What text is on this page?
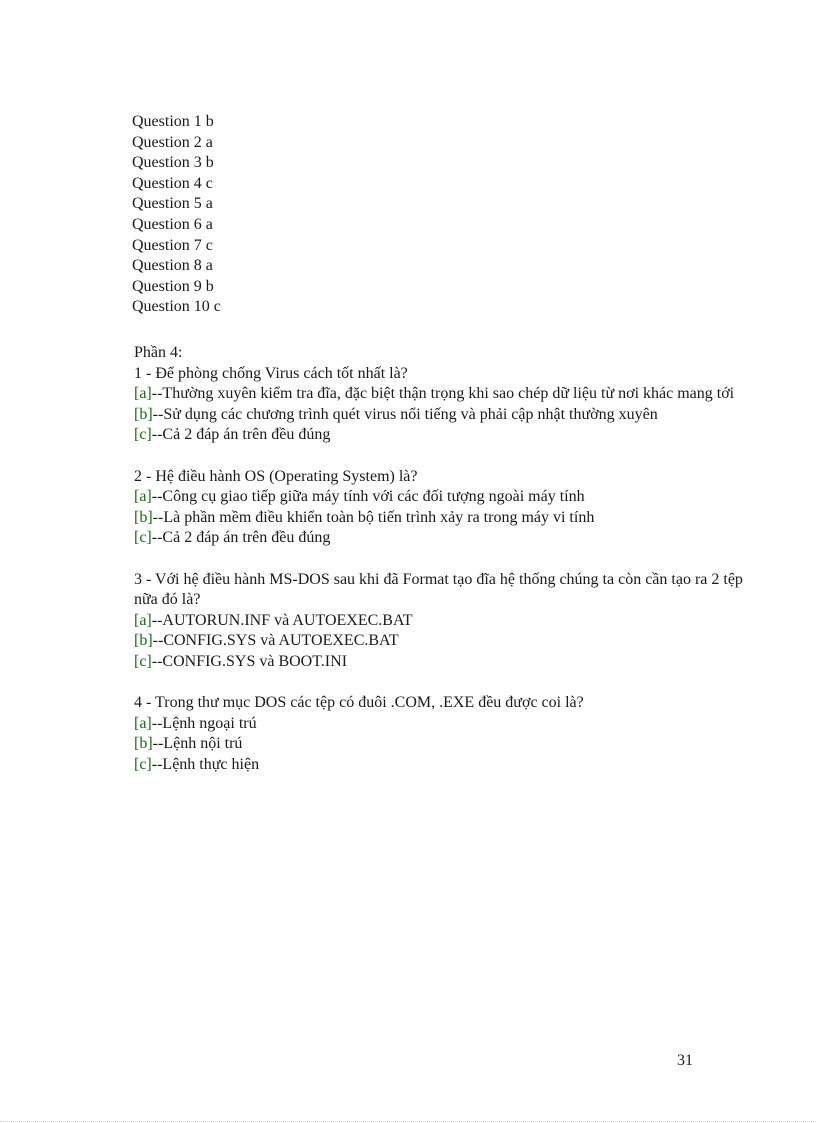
Question 1 b
Question 2 a
Question 3 b
Question 4 c
Question 5 a
Question 6 a
Question 7 c
Question 8 a
Question 9 b
Question 10 c

Phần 4:

1 - Để phòng chống Virus cách tốt nhất là?

[a]--Thường xuyên kiểm tra đĩa, đặc biệt thận trọng khi sao chép dữ liệu từ nơi khác mang tới

[b]--Sử dụng các chương trình quét virus nổi tiếng và phải cập nhật thường xuyên

[c]--Cả 2 đáp án trên đều đúng

2 - Hệ điều hành OS (Operating System) là?

[a]--Công cụ giao tiếp giữa máy tính với các đối tượng ngoài máy tính

[b]--Là phần mềm điều khiển toàn bộ tiến trình xảy ra trong máy vi tính

[c]--Cả 2 đáp án trên đều đúng

3 - Với hệ điều hành MS-DOS sau khi đã Format tạo đĩa hệ thống chúng ta còn cần tạo ra 2 tệp nữa đó là?

[a]--AUTORUN.INF và AUTOEXEC.BAT

[b]--CONFIG.SYS và AUTOEXEC.BAT

[c]--CONFIG.SYS và BOOT.INI

4 - Trong thư mục DOS các tệp có đuôi .COM, .EXE đều được coi là?

[a]--Lệnh ngoại trú

[b]--Lệnh nội trú

[c]--Lệnh thực hiện

31
